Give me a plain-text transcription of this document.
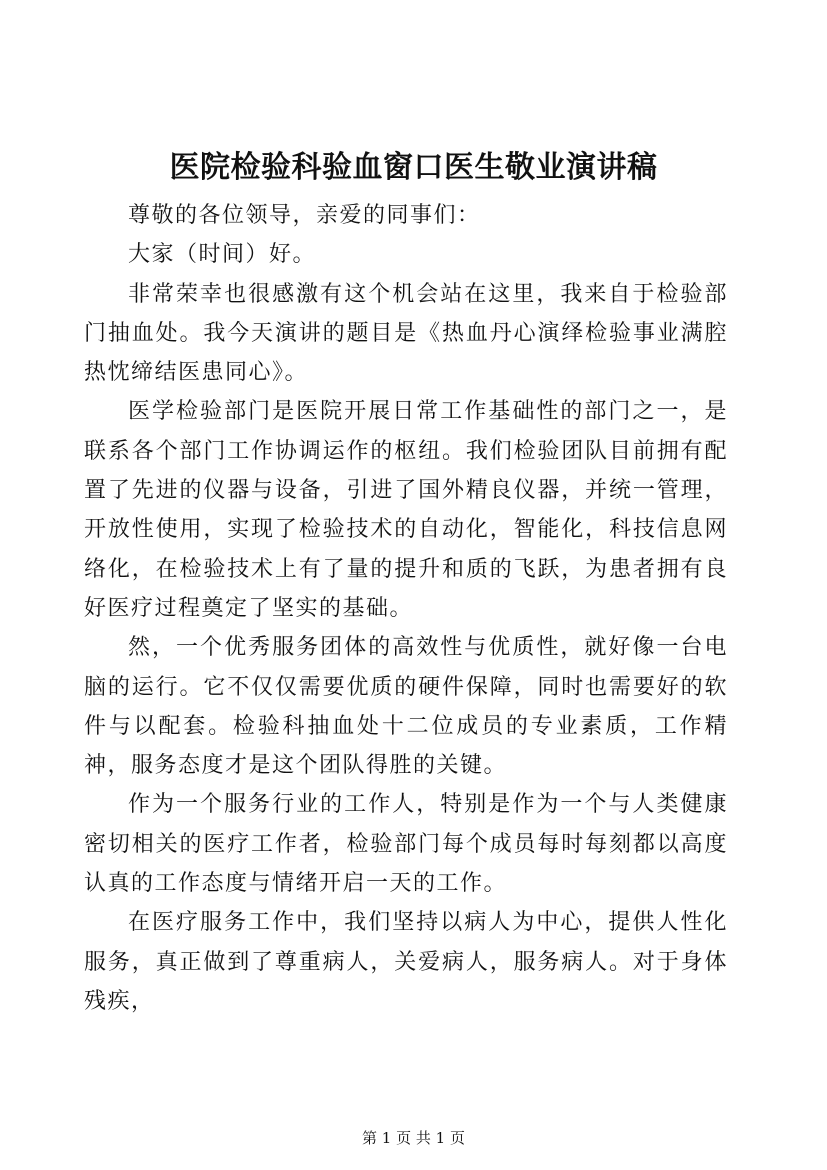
医院检验科验血窗口医生敬业演讲稿

尊敬的各位领导，亲爱的同事们：

大家（时间）好。

非常荣幸也很感激有这个机会站在这里，我来自于检验部门抽血处。我今天演讲的题目是《热血丹心演绎检验事业满腔热忱缔结医患同心》。

医学检验部门是医院开展日常工作基础性的部门之一，是联系各个部门工作协调运作的枢纽。我们检验团队目前拥有配置了先进的仪器与设备，引进了国外精良仪器，并统一管理，开放性使用，实现了检验技术的自动化，智能化，科技信息网络化，在检验技术上有了量的提升和质的飞跃，为患者拥有良好医疗过程奠定了坚实的基础。

然，一个优秀服务团体的高效性与优质性，就好像一台电脑的运行。它不仅仅需要优质的硬件保障，同时也需要好的软件与以配套。检验科抽血处十二位成员的专业素质，工作精神，服务态度才是这个团队得胜的关键。

作为一个服务行业的工作人，特别是作为一个与人类健康密切相关的医疗工作者，检验部门每个成员每时每刻都以高度认真的工作态度与情绪开启一天的工作。

在医疗服务工作中，我们坚持以病人为中心，提供人性化服务，真正做到了尊重病人，关爱病人，服务病人。对于身体残疾，

第 1 页 共 1 页
